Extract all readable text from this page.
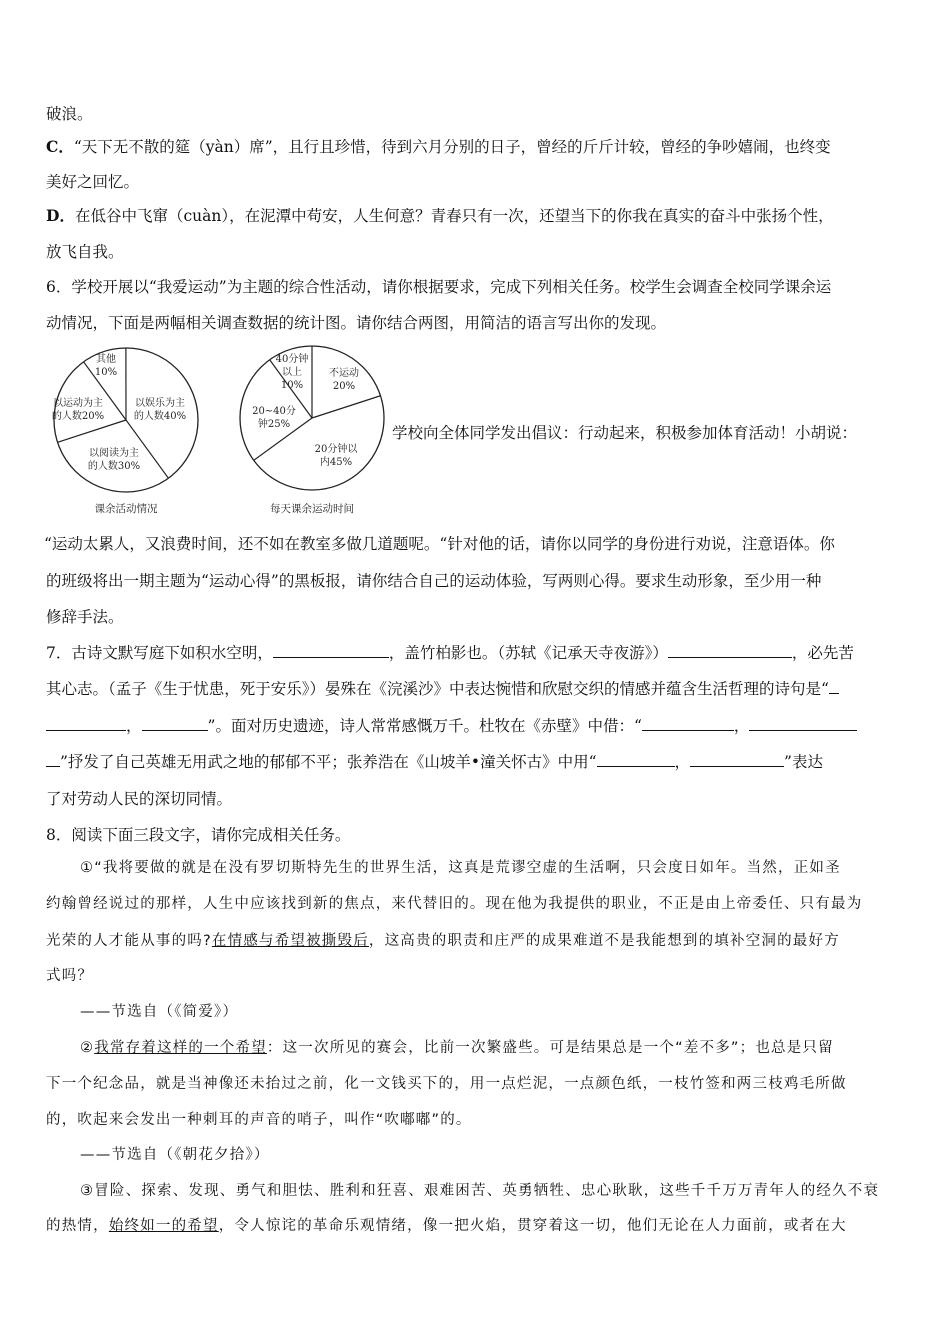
破浪。
C．“天下无不散的筵（yàn）席”，且行且珍惜，待到六月分别的日子，曾经的斤斤计较，曾经的争吵嬉闹，也终变
美好之回忆。
D．在低谷中飞窜（cuàn），在泥潭中苟安，人生何意？青春只有一次，还望当下的你我在真实的奋斗中张扬个性，
放飞自我。
6．学校开展以“我爱运动”为主题的综合性活动，请你根据要求，完成下列相关任务。校学生会调查全校同学课余运
动情况，下面是两幅相关调查数据的统计图。请你结合两图，用简洁的语言写出你的发现。
其他
10%
以娱乐为主
的人数40%
以阅读为主
的人数30%
以运动为主
的人数20%
课余活动情况
不运动
20%
20分钟以
内45%
20~40分
钟25%
40分钟
以上
10%
每天课余运动时间
学校向全体同学发出倡议：行动起来，积极参加体育活动！小胡说：
“运动太累人，又浪费时间，还不如在教室多做几道题呢。“针对他的话，请你以同学的身份进行劝说，注意语体。你
的班级将出一期主题为“运动心得”的黑板报，请你结合自己的运动体验，写两则心得。要求生动形象，至少用一种
修辞手法。
7．古诗文默写庭下如积水空明，	，盖竹柏影也。（苏轼《记承天寺夜游》）	，必先苦
其心志。（孟子《生于忧患，死于安乐》）晏殊在《浣溪沙》中表达惋惜和欣慰交织的情感并蕴含生活哲理的诗句是“
，	”。面对历史遗迹，诗人常常感慨万千。杜牧在《赤壁》中借：“	，
”抒发了自己英雄无用武之地的郁郁不平；张养浩在《山坡羊•潼关怀古》中用“	，	”表达
了对劳动人民的深切同情。
8．阅读下面三段文字，请你完成相关任务。
①“我将要做的就是在没有罗切斯特先生的世界生活，这真是荒谬空虚的生活啊，只会度日如年。当然，正如圣
约翰曾经说过的那样，人生中应该找到新的焦点，来代替旧的。现在他为我提供的职业，不正是由上帝委任、只有最为
光荣的人才能从事的吗?在情感与希望被撕毁后，这高贵的职责和庄严的成果难道不是我能想到的填补空洞的最好方
式吗？
——节选自（《简爱》）
②我常存着这样的一个希望：这一次所见的赛会，比前一次繁盛些。可是结果总是一个“差不多”；也总是只留
下一个纪念品，就是当神像还未抬过之前，化一文钱买下的，用一点烂泥，一点颜色纸，一枝竹签和两三枝鸡毛所做
的，吹起来会发出一种刺耳的声音的哨子，叫作“吹嘟嘟”的。
——节选自（《朝花夕拾》）
③冒险、探索、发现、勇气和胆怯、胜利和狂喜、艰难困苦、英勇牺牲、忠心耿耿，这些千千万万青年人的经久不衰
的热情，始终如一的希望，令人惊诧的革命乐观情绪，像一把火焰，贯穿着这一切，他们无论在人力面前，或者在大
